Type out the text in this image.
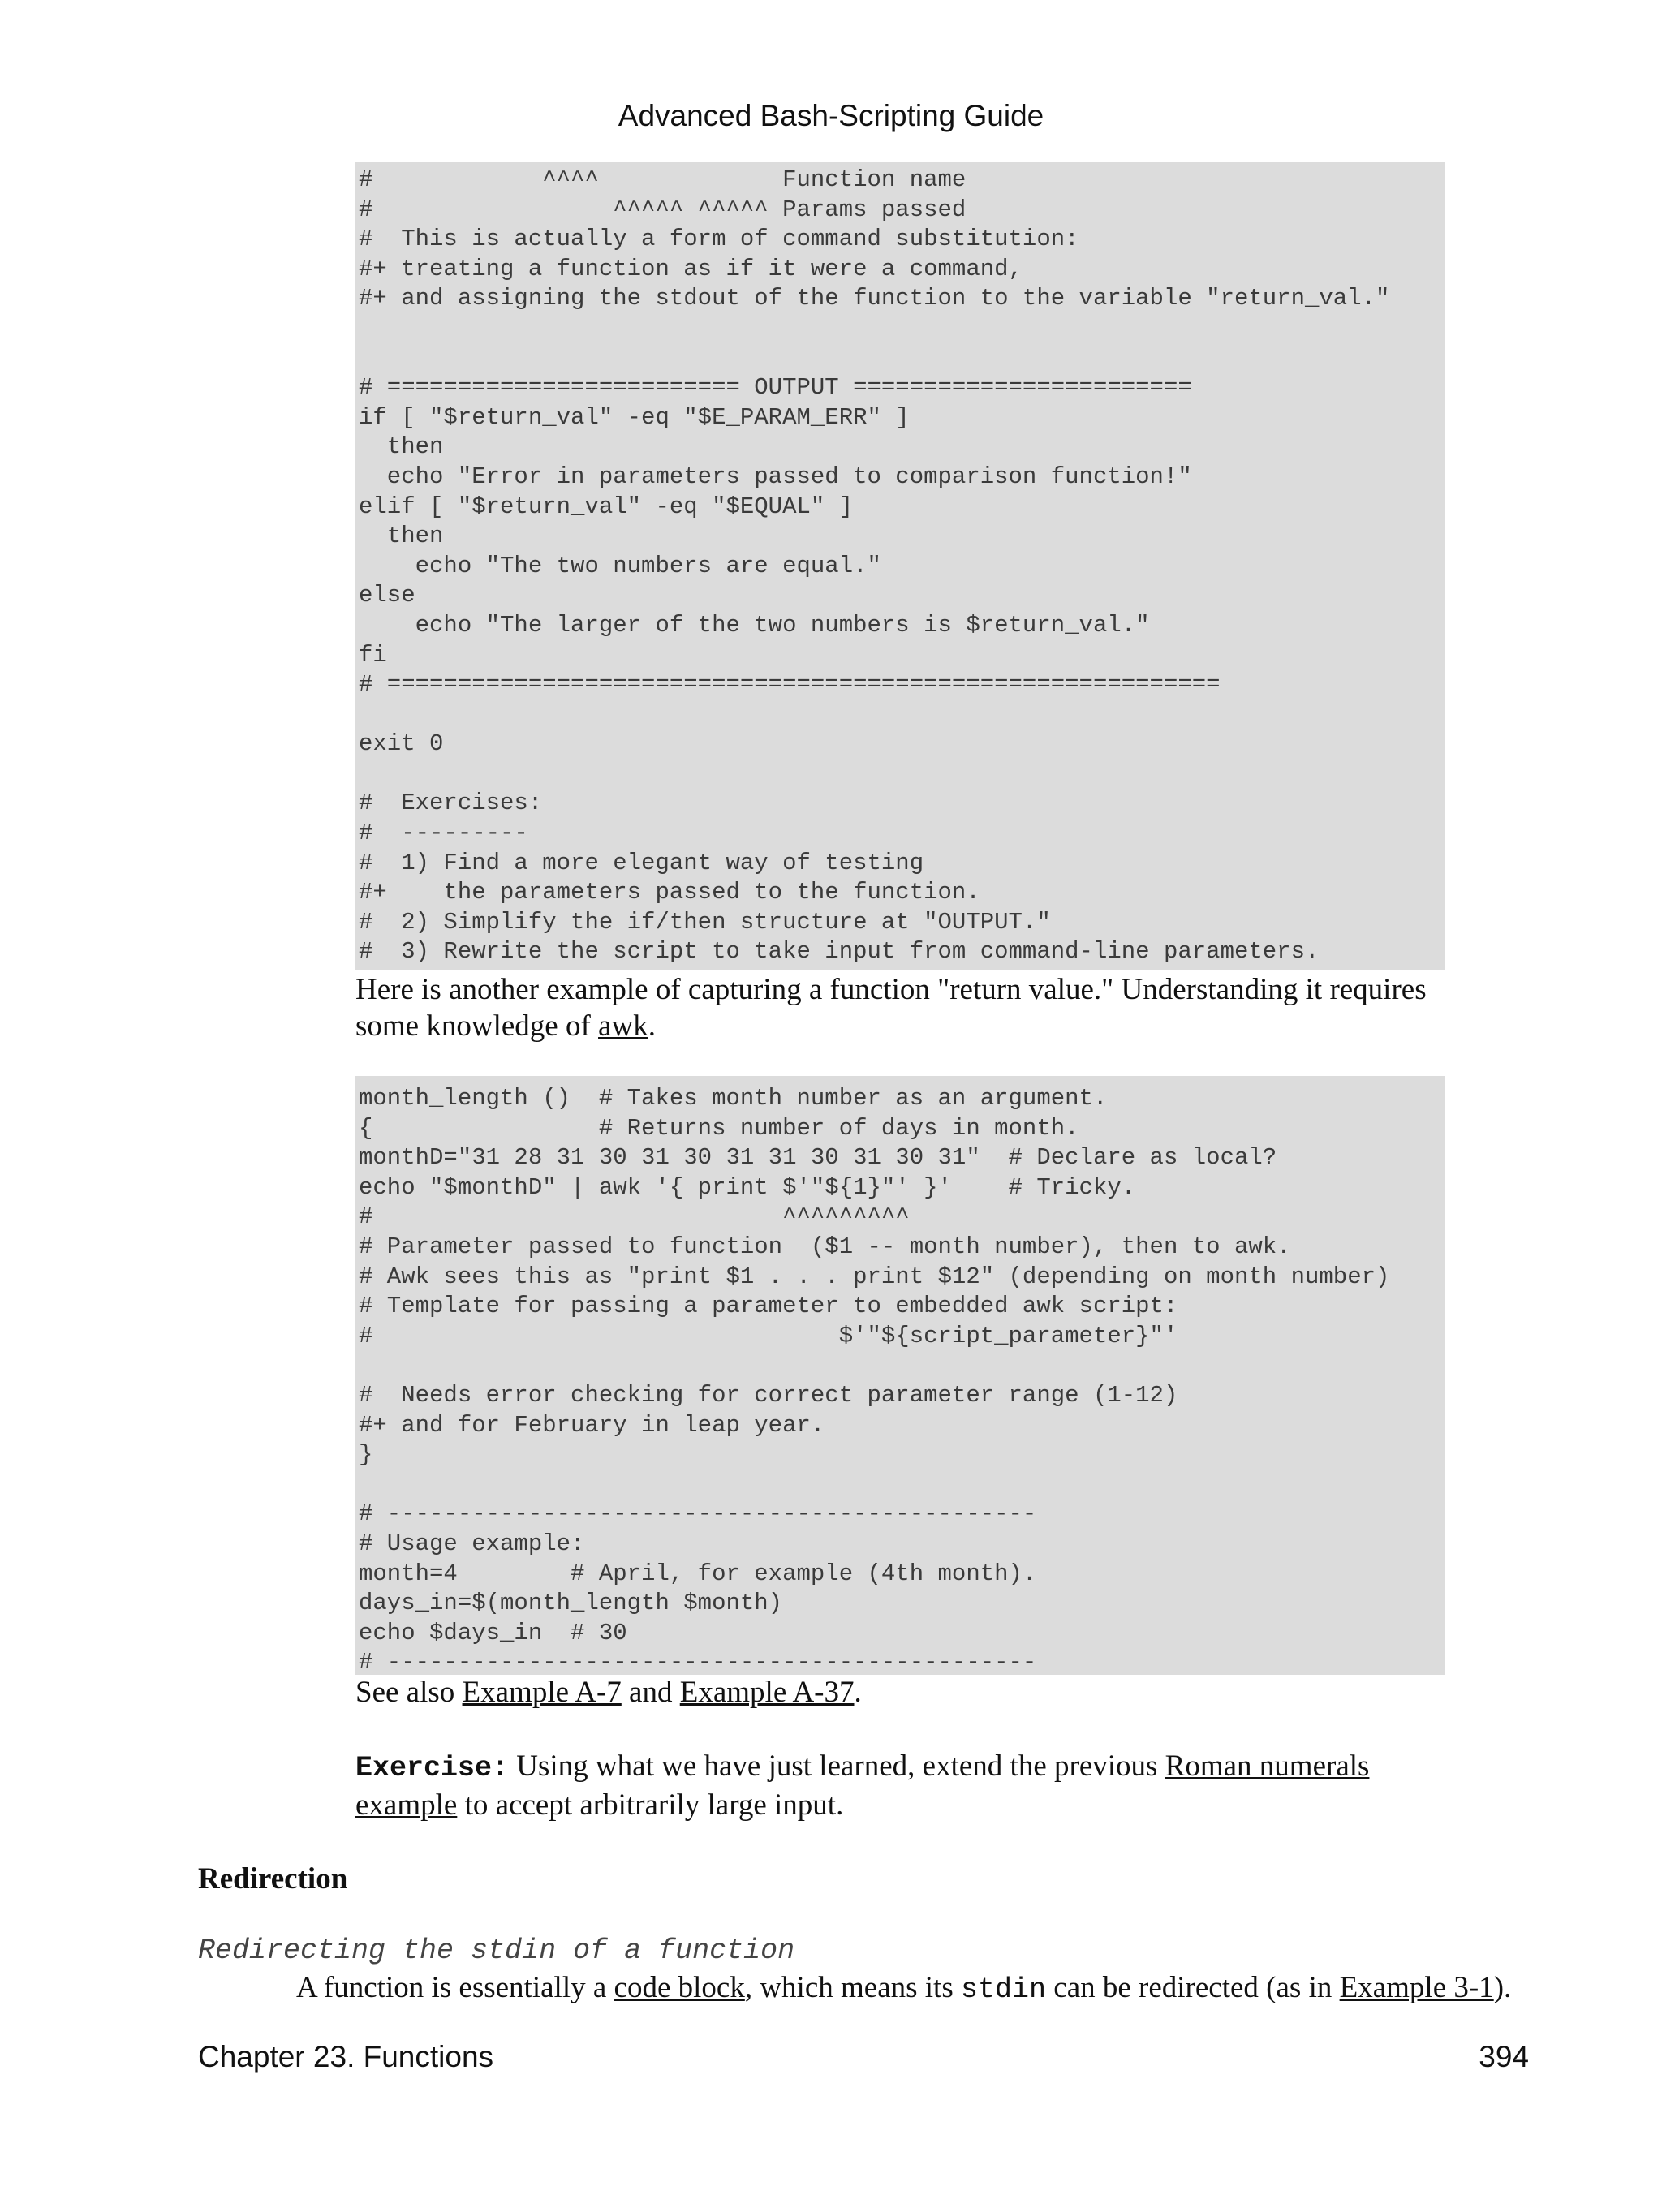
Advanced Bash-Scripting Guide
#            ^^^^             Function name
#                 ^^^^^ ^^^^^ Params passed
#  This is actually a form of command substitution:
#+ treating a function as if it were a command,
#+ and assigning the stdout of the function to the variable "return_val."

# ========================= OUTPUT ========================
if [ "$return_val" -eq "$E_PARAM_ERR" ]
then
echo "Error in parameters passed to comparison function!"
elif [ "$return_val" -eq "$EQUAL" ]
then
echo "The two numbers are equal."
else
echo "The larger of the two numbers is $return_val."
fi
# ===========================================================

exit 0

#  Exercises:
#  ---------
#  1) Find a more elegant way of testing
#+    the parameters passed to the function.
#  2) Simplify the if/then structure at "OUTPUT."
#  3) Rewrite the script to take input from command-line parameters.
Here is another example of capturing a function "return value." Understanding it requires some knowledge of awk.
month_length ()  # Takes month number as an argument.
{                # Returns number of days in month.
monthD="31 28 31 30 31 30 31 31 30 31 30 31"  # Declare as local?
echo "$monthD" | awk '{ print $'"${1}"' }'    # Tricky.
#                             ^^^^^^^^^
# Parameter passed to function  ($1 -- month number), then to awk.
# Awk sees this as "print $1 . . . print $12" (depending on month number)
# Template for passing a parameter to embedded awk script:
#                                 $'"${script_parameter}"'

#  Needs error checking for correct parameter range (1-12)
#+ and for February in leap year.
}

# ----------------------------------------------
# Usage example:
month=4        # April, for example (4th month).
days_in=$(month_length $month)
echo $days_in  # 30
# ----------------------------------------------
See also Example A-7 and Example A-37.
Exercise: Using what we have just learned, extend the previous Roman numerals example to accept arbitrarily large input.
Redirection
Redirecting the stdin of a function
A function is essentially a code block, which means its stdin can be redirected (as in Example 3-1).
Chapter 23. Functions	394
